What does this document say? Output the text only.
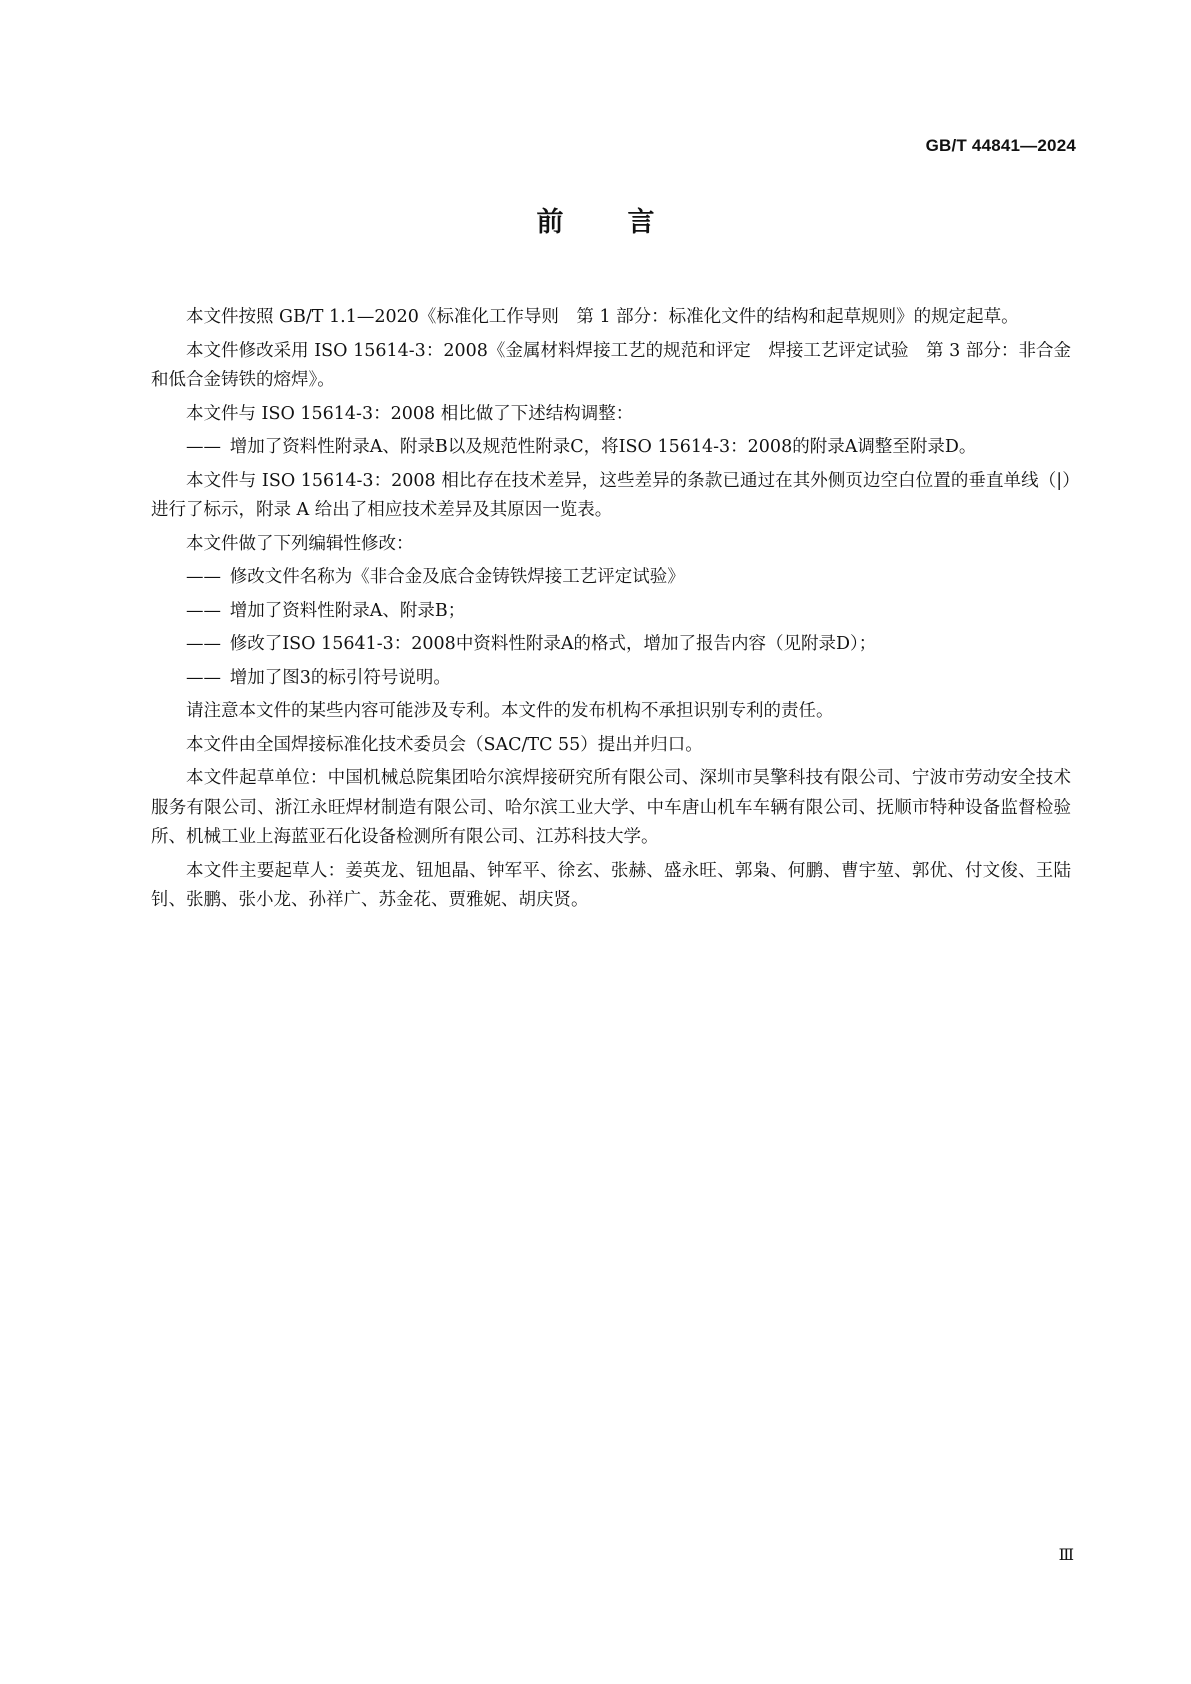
GB/T 44841—2024
前言

本文件按照 GB/T 1.1—2020《标准化工作导则　第 1 部分：标准化文件的结构和起草规则》的规定起草。

本文件修改采用 ISO 15614-3：2008《金属材料焊接工艺的规范和评定　焊接工艺评定试验　第 3 部分：非合金和低合金铸铁的熔焊》。

本文件与 ISO 15614-3：2008 相比做了下述结构调整：

—— 增加了资料性附录A、附录B以及规范性附录C，将ISO 15614-3：2008的附录A调整至附录D。

本文件与 ISO 15614-3：2008 相比存在技术差异，这些差异的条款已通过在其外侧页边空白位置的垂直单线（|）进行了标示，附录 A 给出了相应技术差异及其原因一览表。

本文件做了下列编辑性修改：

—— 修改文件名称为《非合金及底合金铸铁焊接工艺评定试验》

—— 增加了资料性附录A、附录B；

—— 修改了ISO 15641-3：2008中资料性附录A的格式，增加了报告内容（见附录D）；

—— 增加了图3的标引符号说明。

请注意本文件的某些内容可能涉及专利。本文件的发布机构不承担识别专利的责任。

本文件由全国焊接标准化技术委员会（SAC/TC 55）提出并归口。

本文件起草单位：中国机械总院集团哈尔滨焊接研究所有限公司、深圳市昊擎科技有限公司、宁波市劳动安全技术服务有限公司、浙江永旺焊材制造有限公司、哈尔滨工业大学、中车唐山机车车辆有限公司、抚顺市特种设备监督检验所、机械工业上海蓝亚石化设备检测所有限公司、江苏科技大学。

本文件主要起草人：姜英龙、钮旭晶、钟军平、徐玄、张赫、盛永旺、郭枭、何鹏、曹宇堃、郭优、付文俊、王陆钊、张鹏、张小龙、孙祥广、苏金花、贾雅妮、胡庆贤。

Ⅲ
